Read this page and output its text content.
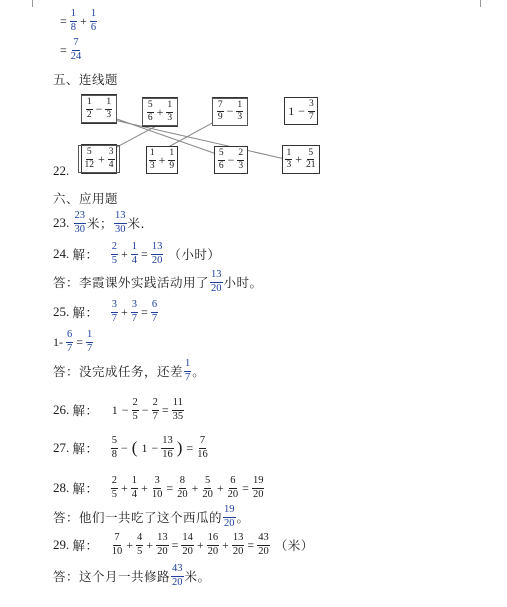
= $\frac{1}{8} + \frac{1}{6}$
= $\frac{7}{24}$
五、连线题
$\frac{1}{2} - \frac{1}{3}$	$\frac{5}{6} + \frac{1}{3}$	$\frac{7}{9} - \frac{1}{3}$	$1 - \frac{3}{7}$
$\frac{5}{12} + \frac{3}{4}$	$\frac{1}{3} + \frac{1}{9}$	$\frac{5}{6} - \frac{2}{3}$	$\frac{1}{3} + \frac{5}{21}$
22.
六、应用题
23. $\frac{23}{30}$ 米； $\frac{13}{30}$ 米.
24. 解： $\frac{2}{5} + \frac{1}{4} = \frac{13}{20}$ （小时）
答：李霞课外实践活动用了 $\frac{13}{20}$ 小时。
25. 解： $\frac{3}{7} + \frac{3}{7} = \frac{6}{7}$
$1- \frac{6}{7} = \frac{1}{7}$
答：没完成任务，还差 $\frac{1}{7}$ 。
26. 解： $1 - \frac{2}{5} - \frac{2}{7} = \frac{11}{35}$
27. 解： $\frac{5}{8}$ − ( $1 - \frac{13}{16}$ ) = $\frac{7}{16}$
28. 解： $\frac{2}{5} + \frac{1}{4} + \frac{3}{10} = \frac{8}{20} + \frac{5}{20} + \frac{6}{20} = \frac{19}{20}$
答：他们一共吃了这个西瓜的 $\frac{19}{20}$ 。
29. 解： $\frac{7}{10} + \frac{4}{5} + \frac{13}{20} = \frac{14}{20} + \frac{16}{20} + \frac{13}{20} = \frac{43}{20}$ （米）
答：这个月一共修路 $\frac{43}{20}$ 米。
